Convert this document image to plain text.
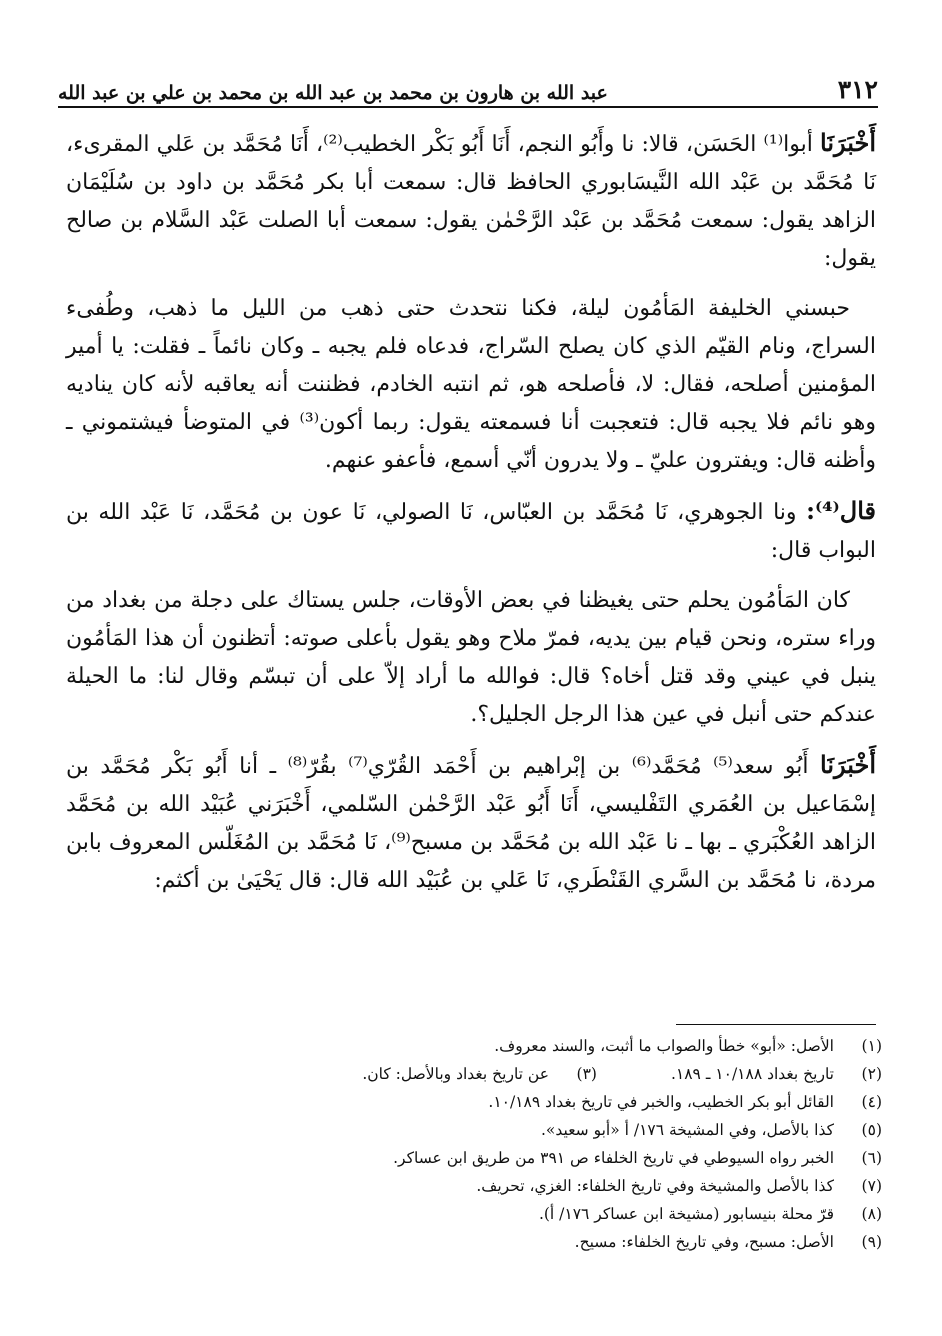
عبد الله بن هارون بن محمد بن عبد الله بن محمد بن علي بن عبد الله	٣١٢

أَخْبَرَنَا أبوا⁽¹⁾ الحَسَن، قالا: نا وأَبُو النجم، أَنَا أَبُو بَكْر الخطيب⁽²⁾، أَنَا مُحَمَّد بن عَلي المقرىء، نَا مُحَمَّد بن عَبْد الله النَّيسَابوري الحافظ قال: سمعت أبا بكر مُحَمَّد بن داود بن سُلَيْمَان الزاهد يقول: سمعت مُحَمَّد بن عَبْد الرَّحْمٰن يقول: سمعت أبا الصلت عَبْد السَّلام بن صالح يقول:

حبسني الخليفة المَأمُون ليلة، فكنا نتحدث حتى ذهب من الليل ما ذهب، وطُفىء السراج، ونام القيّم الذي كان يصلح السّراج، فدعاه فلم يجبه ـ وكان نائماً ـ فقلت: يا أمير المؤمنين أصلحه، فقال: لا، فأصلحه هو، ثم انتبه الخادم، فظننت أنه يعاقبه لأنه كان يناديه وهو نائم فلا يجبه قال: فتعجبت أنا فسمعته يقول: ربما أكون⁽³⁾ في المتوضأ فيشتموني ـ وأظنه قال: ويفترون عليّ ـ ولا يدرون أنّي أسمع، فأعفو عنهم.

قال⁽⁴⁾: ونا الجوهري، نَا مُحَمَّد بن العبّاس، نَا الصولي، نَا عون بن مُحَمَّد، نَا عَبْد الله بن البواب قال:

كان المَأمُون يحلم حتى يغيظنا في بعض الأوقات، جلس يستاك على دجلة من بغداد من وراء ستره، ونحن قيام بين يديه، فمرّ ملاح وهو يقول بأعلى صوته: أتظنون أن هذا المَأمُون ينبل في عيني وقد قتل أخاه؟ قال: فوالله ما أراد إلاّ على أن تبسّم وقال لنا: ما الحيلة عندكم حتى أنبل في عين هذا الرجل الجليل؟.

أَخْبَرَنَا أَبُو سعد⁽⁵⁾ مُحَمَّد⁽⁶⁾ بن إبْراهيم بن أَحْمَد القُرّي⁽⁷⁾ بقُرّ⁽⁸⁾ ـ أنا أَبُو بَكْر مُحَمَّد بن إسْمَاعيل بن العُمَري التَفْليسي، أَنَا أَبُو عَبْد الرَّحْمٰن السّلمي، أَخْبَرَني عُبَيْد الله بن مُحَمَّد الزاهد العُكْبَري ـ بها ـ نا عَبْد الله بن مُحَمَّد بن مسبح⁽⁹⁾، نَا مُحَمَّد بن المُغَلّس المعروف بابن مردة، نا مُحَمَّد بن السَّري القَنْطَري، نَا عَلي بن عُبَيْد الله قال: قال يَحْيَىٰ بن أكثم:

(١)
الأصل: «أبو» خطأ والصواب ما أثبت، والسند معروف.
(٢)
تاريخ بغداد ١٠/١٨٨ ـ ١٨٩.
(٣)
عن تاريخ بغداد وبالأصل: كان.
(٤)
القائل أبو بكر الخطيب، والخبر في تاريخ بغداد ١٠/١٨٩.
(٥)
كذا بالأصل، وفي المشيخة ١٧٦/ أ «أبو سعيد».
(٦)
الخبر رواه السيوطي في تاريخ الخلفاء ص ٣٩١ من طريق ابن عساكر.
(٧)
كذا بالأصل والمشيخة وفي تاريخ الخلفاء: الغزي، تحريف.
(٨)
قرّ محلة بنيسابور (مشيخة ابن عساكر ١٧٦/ أ).
(٩)
الأصل: مسبح، وفي تاريخ الخلفاء: مسيح.
